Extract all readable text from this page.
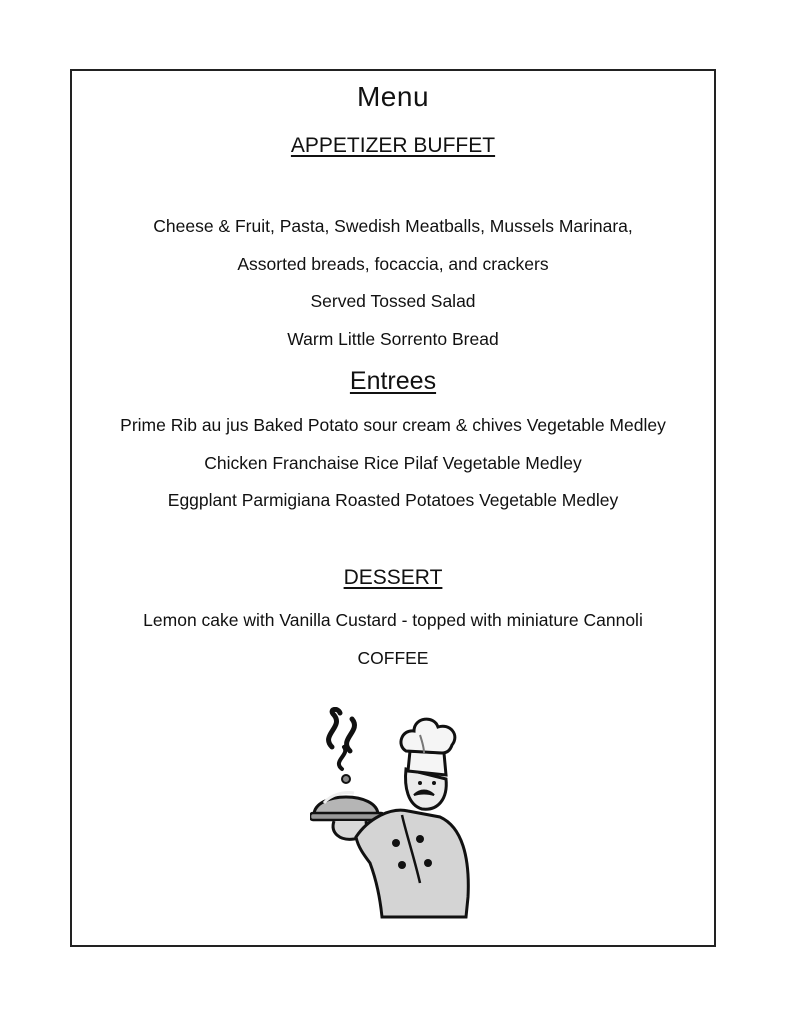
Menu
APPETIZER BUFFET
Cheese & Fruit, Pasta, Swedish Meatballs, Mussels Marinara,
Assorted breads, focaccia, and crackers
Served Tossed Salad
Warm Little Sorrento Bread
Entrees
Prime Rib au jus Baked Potato sour cream & chives Vegetable Medley
Chicken Franchaise Rice Pilaf Vegetable Medley
Eggplant Parmigiana Roasted Potatoes Vegetable Medley
DESSERT
Lemon cake with Vanilla Custard - topped with miniature Cannoli
COFFEE
